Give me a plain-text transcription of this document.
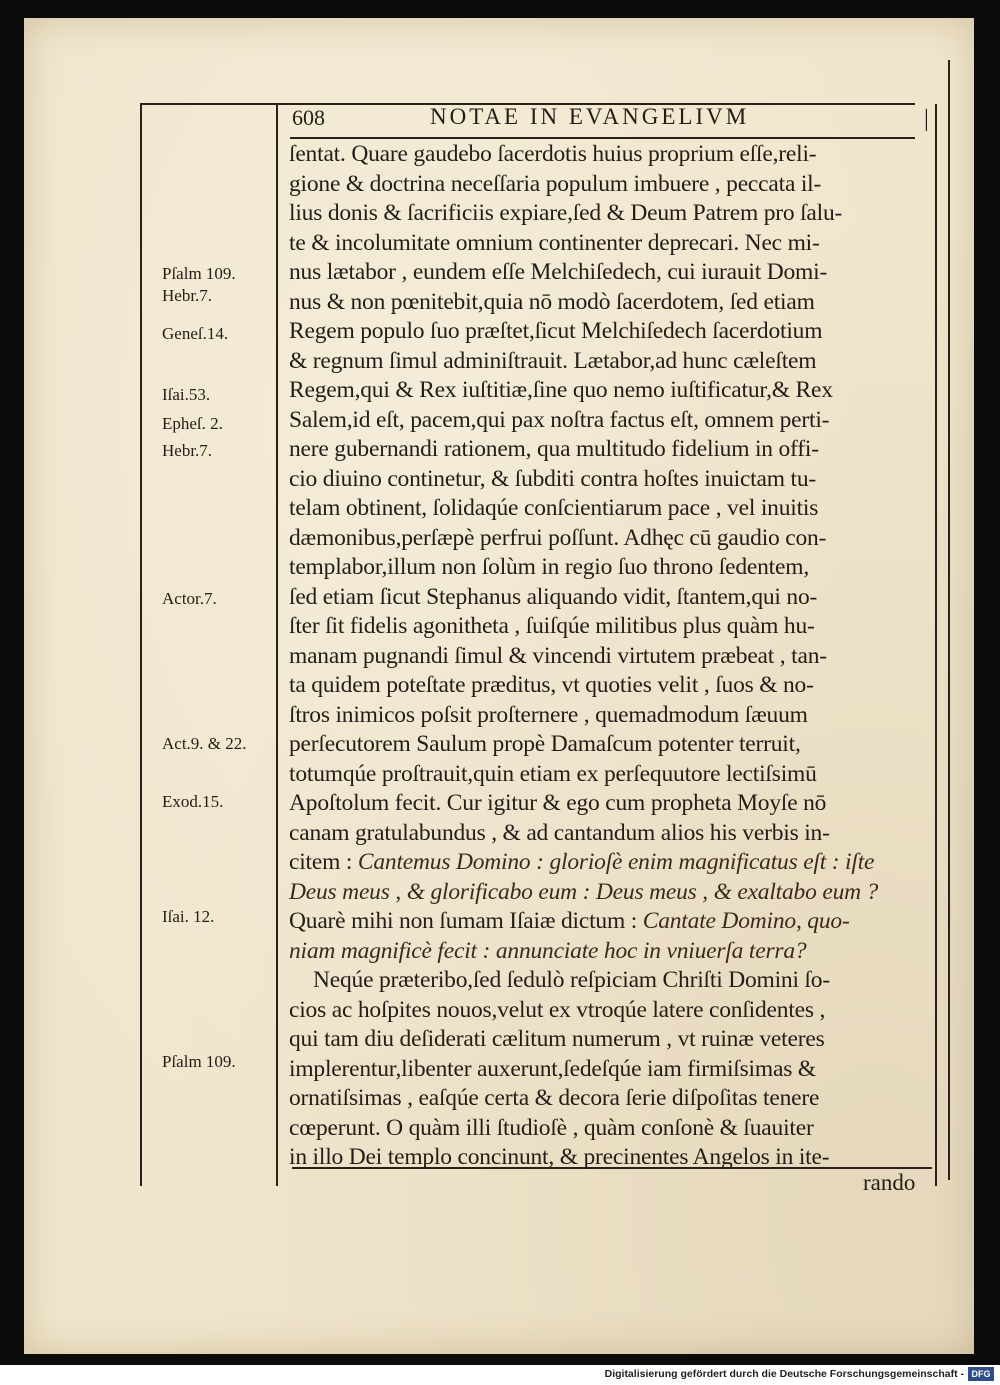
608	NOTAE IN EVANGELIVM	|
ſentat. Quare gaudebo ſacerdotis huius proprium eſſe,reli-
gione & doctrina neceſſaria populum imbuere , peccata il-
lius donis & ſacrificiis expiare,ſed & Deum Patrem pro ſalu-
te & incolumitate omnium continenter deprecari. Nec mi-
nus lætabor , eundem eſſe Melchiſedech, cui iurauit Domi-
nus & non pœnitebit,quia nō modò ſacerdotem, ſed etiam
Regem populo ſuo præſtet,ſicut Melchiſedech ſacerdotium
& regnum ſimul adminiſtrauit. Lætabor,ad hunc cæleſtem
Regem,qui & Rex iuſtitiæ,ſine quo nemo iuſtificatur,& Rex
Salem,id eſt, pacem,qui pax noſtra factus eſt, omnem perti-
nere gubernandi rationem, qua multitudo fidelium in offi-
cio diuino continetur, & ſubditi contra hoſtes inuictam tu-
telam obtinent, ſolidaqúe conſcientiarum pace , vel inuitis
dæmonibus,perſæpè perfrui poſſunt. Adhęc cū gaudio con-
templabor,illum non ſolùm in regio ſuo throno ſedentem,
ſed etiam ſicut Stephanus aliquando vidit, ſtantem,qui no-
ſter ſit fidelis agonitheta , ſuiſqúe militibus plus quàm hu-
manam pugnandi ſimul & vincendi virtutem præbeat , tan-
ta quidem poteſtate præditus, vt quoties velit , ſuos & no-
ſtros inimicos poſsit proſternere , quemadmodum ſæuum
perſecutorem Saulum propè Damaſcum potenter terruit,
totumqúe proſtrauit,quin etiam ex perſequutore lectiſsimū
Apoſtolum fecit. Cur igitur & ego cum propheta Moyſe nō
canam gratulabundus , & ad cantandum alios his verbis in-
citem : Cantemus Domino : glorioſè enim magnificatus eſt : iſte
Deus meus , & glorificabo eum : Deus meus , & exaltabo eum ?
Quarè mihi non ſumam Iſaiæ dictum : Cantate Domino, quo-
niam magnificè fecit : annunciate hoc in vniuerſa terra?
Neqúe præteribo,ſed ſedulò reſpiciam Chriſti Domini ſo-
cios ac hoſpites nouos,velut ex vtroqúe latere conſidentes ,
qui tam diu deſiderati cælitum numerum , vt ruinæ veteres
implerentur,libenter auxerunt,ſedeſqúe iam firmiſsimas &
ornatiſsimas , eaſqúe certa & decora ſerie diſpoſitas tenere
cœperunt. O quàm illi ſtudioſè , quàm conſonè & ſuauiter
in illo Dei templo concinunt, & precinentes Angelos in ite-
Pſalm 109.
Hebr.7.
Geneſ.14.
Iſai.53.
Epheſ. 2.
Hebr.7.
Actor.7.
Act.9. & 22.
Exod.15.
Iſai. 12.
Pſalm 109.
rando
Digitalisierung gefördert durch die Deutsche Forschungsgemeinschaft - DFG
